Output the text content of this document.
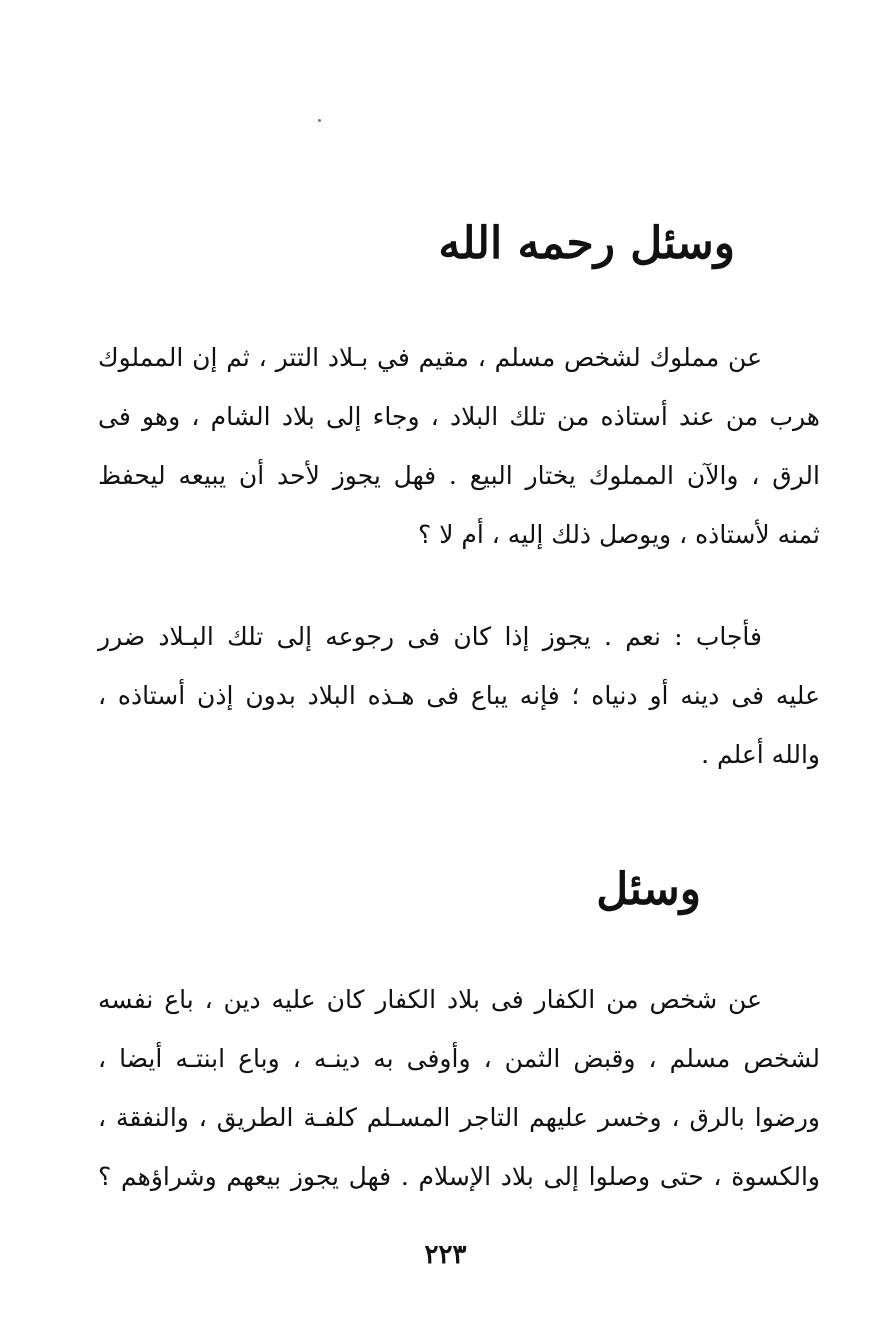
وسئل رحمه الله

عن مملوك لشخص مسلم ، مقيم في بـلاد التتر ، ثم إن المملوك
هرب من عند أستاذه من تلك البلاد ، وجاء إلى بلاد الشام ، وهو فى
الرق ، والآن المملوك يختار البيع . فهل يجوز لأحد أن يبيعه ليحفظ
ثمنه لأستاذه ، ويوصل ذلك إليه ، أم لا ؟

فأجاب : نعم . يجوز إذا كان فى رجوعه إلى تلك البـلاد ضرر
عليه فى دينه أو دنياه ؛ فإنه يباع فى هـذه البلاد بدون إذن أستاذه ،
والله أعلم .

وسئل

عن شخص من الكفار فى بلاد الكفار كان عليه دين ، باع نفسه
لشخص مسلم ، وقبض الثمن ، وأوفى به دينـه ، وباع ابنتـه أيضا ،
ورضوا بالرق ، وخسر عليهم التاجر المسـلم كلفـة الطريق ، والنفقة ،
والكسوة ، حتى وصلوا إلى بلاد الإسلام . فهل يجوز بيعهم وشراؤهم ؟

٢٢٣
